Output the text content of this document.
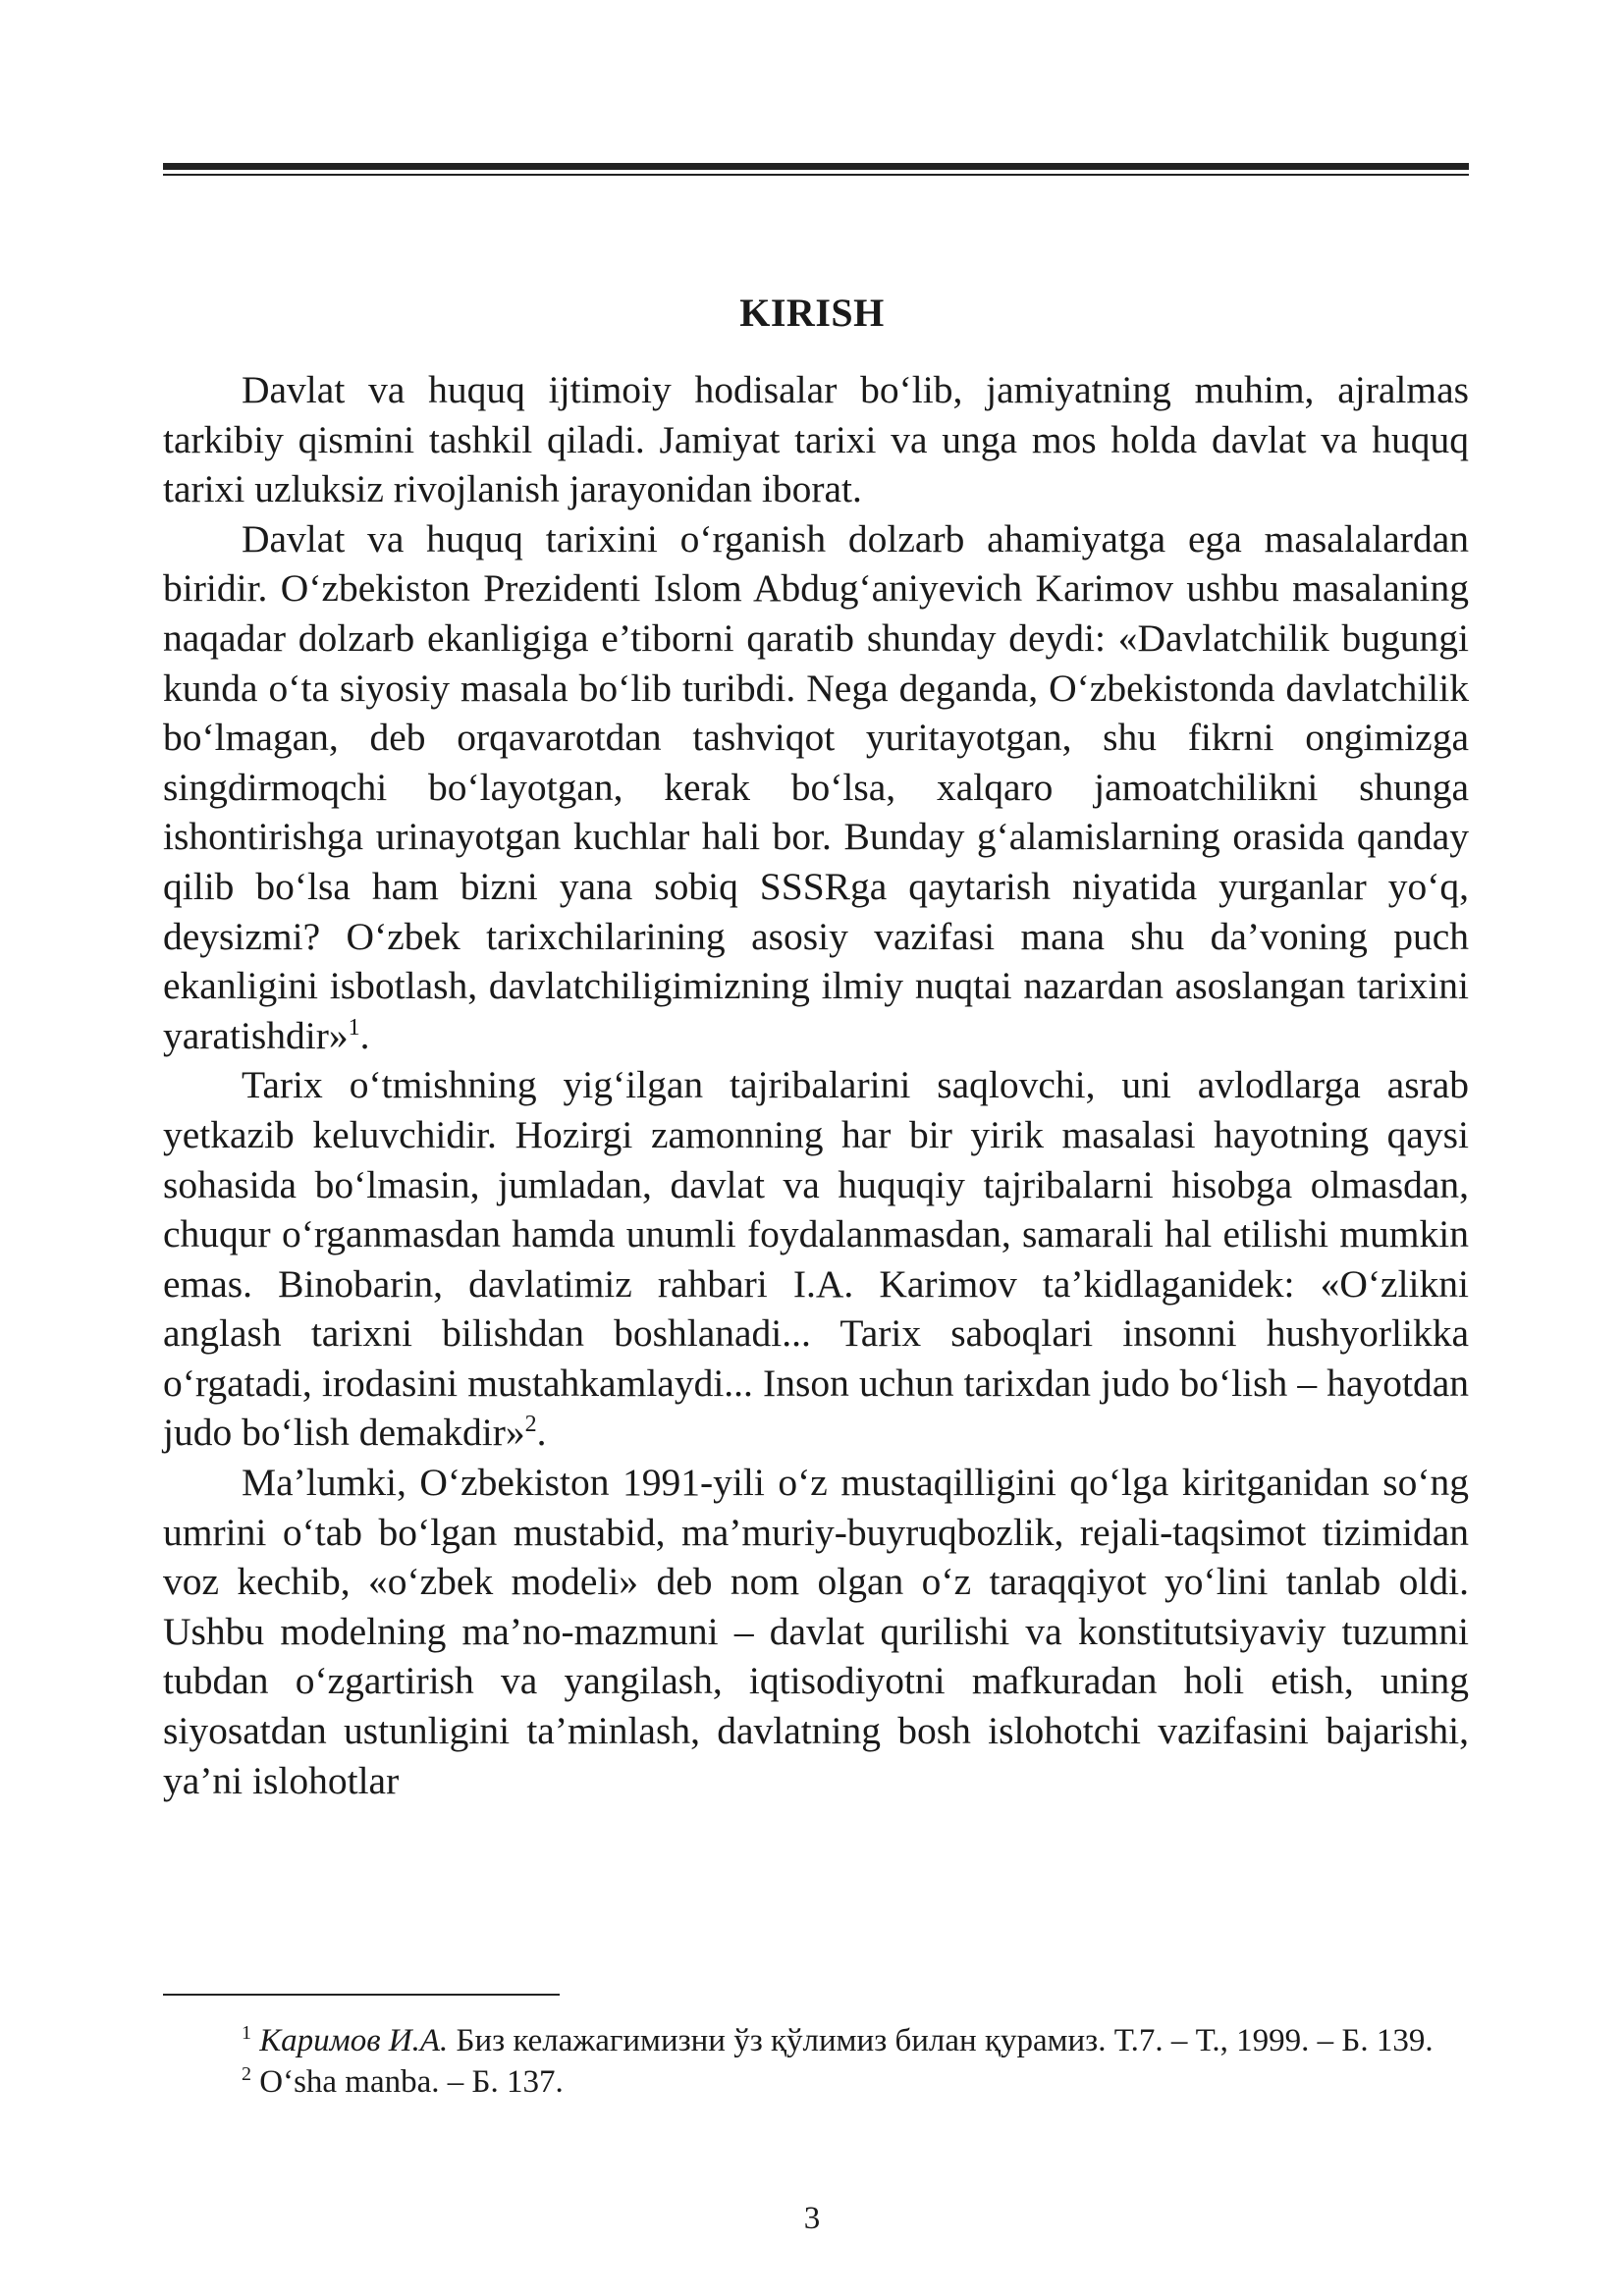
KIRISH

Davlat va huquq ijtimoiy hodisalar bo‘lib, jamiyatning muhim, ajralmas tarkibiy qismini tashkil qiladi. Jamiyat tarixi va unga mos holda davlat va huquq tarixi uzluksiz rivojlanish jarayonidan iborat.

Davlat va huquq tarixini o‘rganish dolzarb ahamiyatga ega masalalardan biridir. O‘zbekiston Prezidenti Islom Abdug‘aniyevich Karimov ushbu masalaning naqadar dolzarb ekanligiga e’tiborni qaratib shunday deydi: «Davlatchilik bugungi kunda o‘ta siyosiy masala bo‘lib turibdi. Nega deganda, O‘zbekistonda davlatchilik bo‘lmagan, deb orqavarotdan tashviqot yuritayotgan, shu fikrni ongimizga singdirmoqchi bo‘layotgan, kerak bo‘lsa, xalqaro jamoatchilikni shunga ishontirishga urinayotgan kuchlar hali bor. Bunday g‘alamislarning orasida qanday qilib bo‘lsa ham bizni yana sobiq SSSRga qaytarish niyatida yurganlar yo‘q, deysizmi? O‘zbek tarixchilarining asosiy vazifasi mana shu da’voning puch ekanligini isbotlash, davlatchiligimizning ilmiy nuqtai nazardan asoslangan tarixini yaratishdir»$^1$.

Tarix o‘tmishning yig‘ilgan tajribalarini saqlovchi, uni avlodlarga asrab yetkazib keluvchidir. Hozirgi zamonning har bir yirik masalasi hayotning qaysi sohasida bo‘lmasin, jumladan, davlat va huquqiy tajribalarni hisobga olmasdan, chuqur o‘rganmasdan hamda unumli foydalanmasdan, samarali hal etilishi mumkin emas. Binobarin, davlatimiz rahbari I.A. Karimov ta’kidlaganidek: «O‘zlikni anglash tarixni bilishdan boshlanadi... Tarix saboqlari insonni hushyorlikka o‘rgatadi, irodasini mustahkamlaydi... Inson uchun tarixdan judo bo‘lish – hayotdan judo bo‘lish demakdir»$^2$.

Ma’lumki, O‘zbekiston 1991-yili o‘z mustaqilligini qo‘lga kiritganidan so‘ng umrini o‘tab bo‘lgan mustabid, ma’muriy-buyruqbozlik, rejali-taqsimot tizimidan voz kechib, «o‘zbek modeli» deb nom olgan o‘z taraqqiyot yo‘lini tanlab oldi. Ushbu modelning ma’no-mazmuni – davlat qurilishi va konstitutsiyaviy tuzumni tubdan o‘zgartirish va yangilash, iqtisodiyotni mafkuradan holi etish, uning siyosatdan ustunligini ta’minlash, davlatning bosh islohotchi vazifasini bajarishi, ya’ni islohotlar

$^1$ Каримов И.А. Биз келажагимизни ўз қўлимиз билан қурамиз. Т.7. – Т., 1999. – Б. 139.

$^2$ O‘sha manba. – Б. 137.

3
